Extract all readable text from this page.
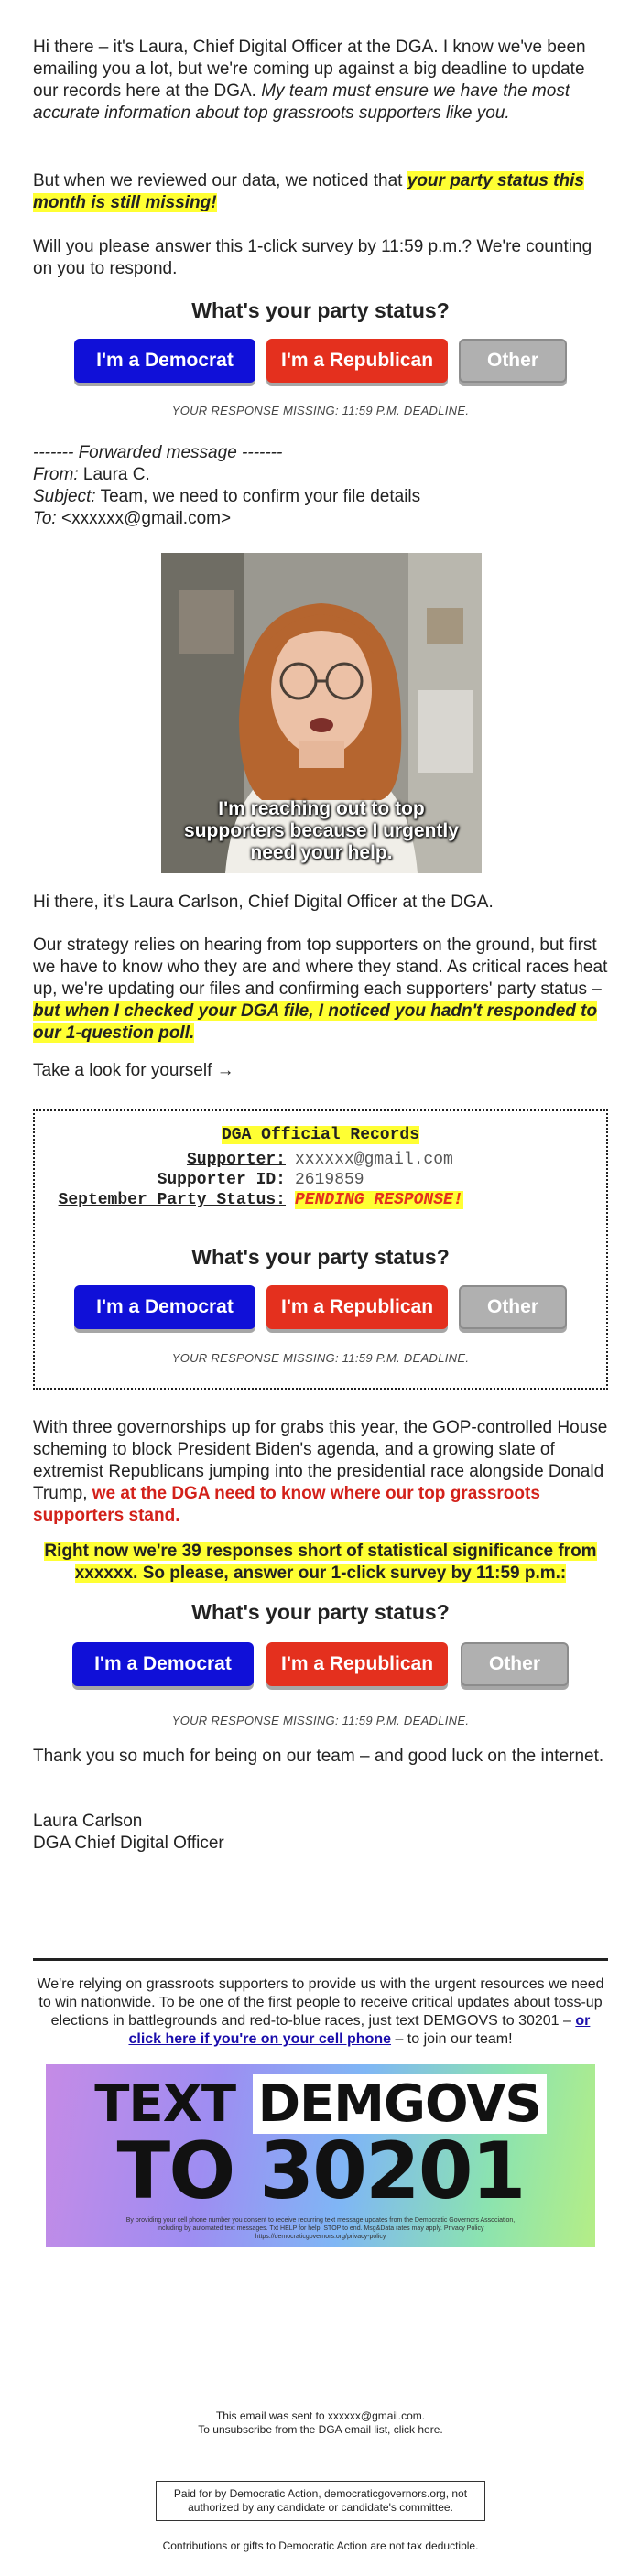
Hi there – it's Laura, Chief Digital Officer at the DGA. I know we've been emailing you a lot, but we're coming up against a big deadline to update our records here at the DGA. My team must ensure we have the most accurate information about top grassroots supporters like you.

But when we reviewed our data, we noticed that your party status this month is still missing!

Will you please answer this 1-click survey by 11:59 p.m.? We're counting on you to respond.

What's your party status?
I'm a Democrat	I'm a Republican	Other
YOUR RESPONSE MISSING: 11:59 P.M. DEADLINE.

------- Forwarded message -------

From: Laura C.

Subject: Team, we need to confirm your file details

To: <xxxxxx@gmail.com>

I'm reaching out to top
supporters because I urgently
need your help.

Hi there, it's Laura Carlson, Chief Digital Officer at the DGA.

Our strategy relies on hearing from top supporters on the ground, but first we have to know who they are and where they stand. As critical races heat up, we're updating our files and confirming each supporters' party status – but when I checked your DGA file, I noticed you hadn't responded to our 1-question poll.

Take a look for yourself →

DGA Official Records
Supporter: xxxxxx@gmail.com
Supporter ID: 2619859
September Party Status: PENDING RESPONSE!
What's your party status?
I'm a Democrat	I'm a Republican	Other
YOUR RESPONSE MISSING: 11:59 P.M. DEADLINE.

With three governorships up for grabs this year, the GOP-controlled House scheming to block President Biden's agenda, and a growing slate of extremist Republicans jumping into the presidential race alongside Donald Trump, we at the DGA need to know where our top grassroots supporters stand.

Right now we're 39 responses short of statistical significance from xxxxxx. So please, answer our 1-click survey by 11:59 p.m.:
What's your party status?
I'm a Democrat	I'm a Republican	Other
YOUR RESPONSE MISSING: 11:59 P.M. DEADLINE.

Thank you so much for being on our team – and good luck on the internet.

Laura Carlson

DGA Chief Digital Officer

We're relying on grassroots supporters to provide us with the urgent resources we need to win nationwide. To be one of the first people to receive critical updates about toss-up elections in battlegrounds and red-to-blue races, just text DEMGOVS to 30201 – or click here if you're on your cell phone – to join our team!

TEXT DEMGOVS
TO 30201
By providing your cell phone number you consent to receive recurring text message updates from the Democratic Governors Association, including by automated text messages. Txt HELP for help, STOP to end. Msg&Data rates may apply. Privacy Policy https://democraticgovernors.org/privacy-policy

This email was sent to xxxxxx@gmail.com.

To unsubscribe from the DGA email list, click here.

Paid for by Democratic Action, democraticgovernors.org, not authorized by any candidate or candidate's committee.

Contributions or gifts to Democratic Action are not tax deductible.
